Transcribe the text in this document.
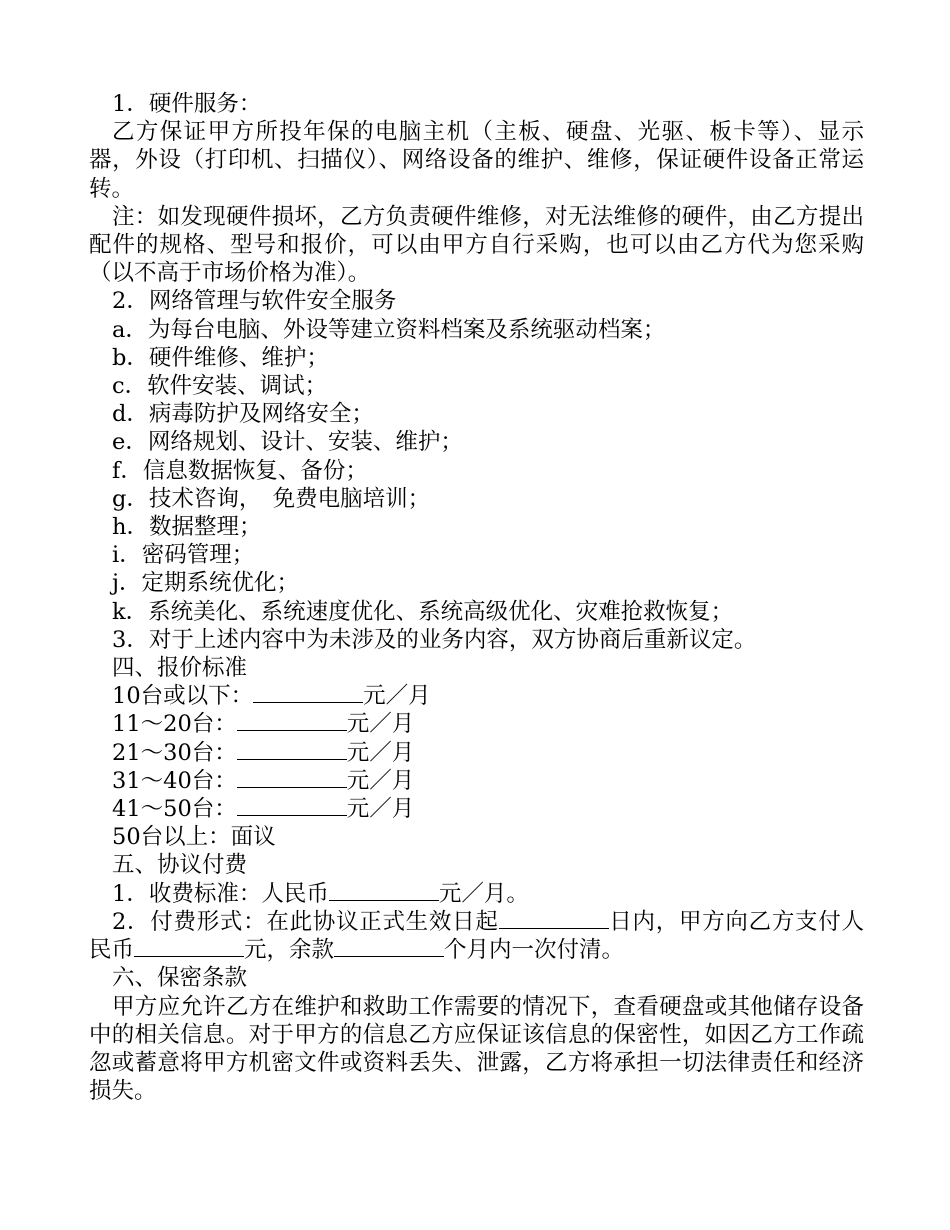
1．硬件服务：

乙方保证甲方所投年保的电脑主机（主板、硬盘、光驱、板卡等）、显示器，外设（打印机、扫描仪）、网络设备的维护、维修，保证硬件设备正常运转。

注：如发现硬件损坏，乙方负责硬件维修，对无法维修的硬件，由乙方提出配件的规格、型号和报价，可以由甲方自行采购，也可以由乙方代为您采购（以不高于市场价格为准）。

2．网络管理与软件安全服务

a．为每台电脑、外设等建立资料档案及系统驱动档案；

b．硬件维修、维护；

c．软件安装、调试；

d．病毒防护及网络安全；

e．网络规划、设计、安装、维护；

f．信息数据恢复、备份；

g．技术咨询，　免费电脑培训；

h．数据整理；

i．密码管理；

j．定期系统优化；

k．系统美化、系统速度优化、系统高级优化、灾难抢救恢复；

3．对于上述内容中为未涉及的业务内容，双方协商后重新议定。

四、报价标准

10台或以下：	元／月

11～20台：	元／月

21～30台：	元／月

31～40台：	元／月

41～50台：	元／月

50台以上：面议

五、协议付费

1．收费标准：人民币	元／月。

2．付费形式：在此协议正式生效日起	日内，甲方向乙方支付人民币	元，余款	个月内一次付清。

六、保密条款

甲方应允许乙方在维护和救助工作需要的情况下，查看硬盘或其他储存设备中的相关信息。对于甲方的信息乙方应保证该信息的保密性，如因乙方工作疏忽或蓄意将甲方机密文件或资料丢失、泄露，乙方将承担一切法律责任和经济损失。
